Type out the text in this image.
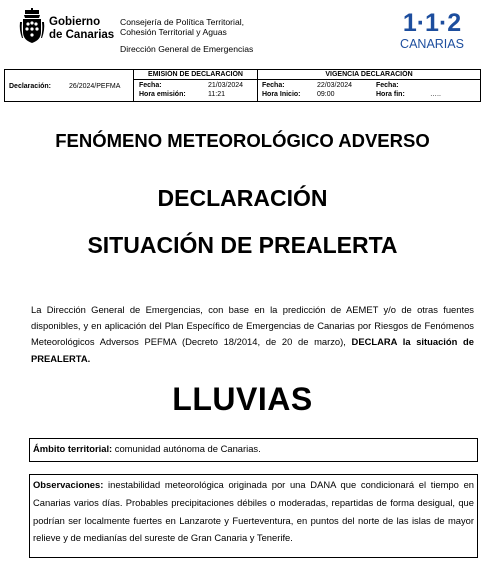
Gobierno
de Canarias
Consejería de Política Territorial,
Cohesión Territorial y Aguas
Dirección General de Emergencias
1·1·2
CANARIAS
Declaración:	26/2024/PEFMA
EMISIÓN DE DECLARACIÓN
Fecha:	21/03/2024
Hora emisión:	11:21
VIGENCIA DECLARACIÓN
Fecha:	22/03/2024
Hora Inicio: 09:00
Fecha:
Hora fin:	…..
FENÓMENO METEOROLÓGICO ADVERSO
DECLARACIÓN
SITUACIÓN DE PREALERTA
La Dirección General de Emergencias, con base en la predicción de AEMET y/o de otras fuentes disponibles, y en aplicación del Plan Específico de Emergencias de Canarias por Riesgos de Fenómenos Meteorológicos Adversos PEFMA (Decreto 18/2014, de 20 de marzo), DECLARA la situación de PREALERTA.
LLUVIAS
Ámbito territorial: comunidad autónoma de Canarias.
Observaciones: inestabilidad meteorológica originada por una DANA que condicionará el tiempo en Canarias varios días. Probables precipitaciones débiles o moderadas, repartidas de forma desigual, que podrían ser localmente fuertes en Lanzarote y Fuerteventura, en puntos del norte de las islas de mayor relieve y de medianías del sureste de Gran Canaria y Tenerife.
